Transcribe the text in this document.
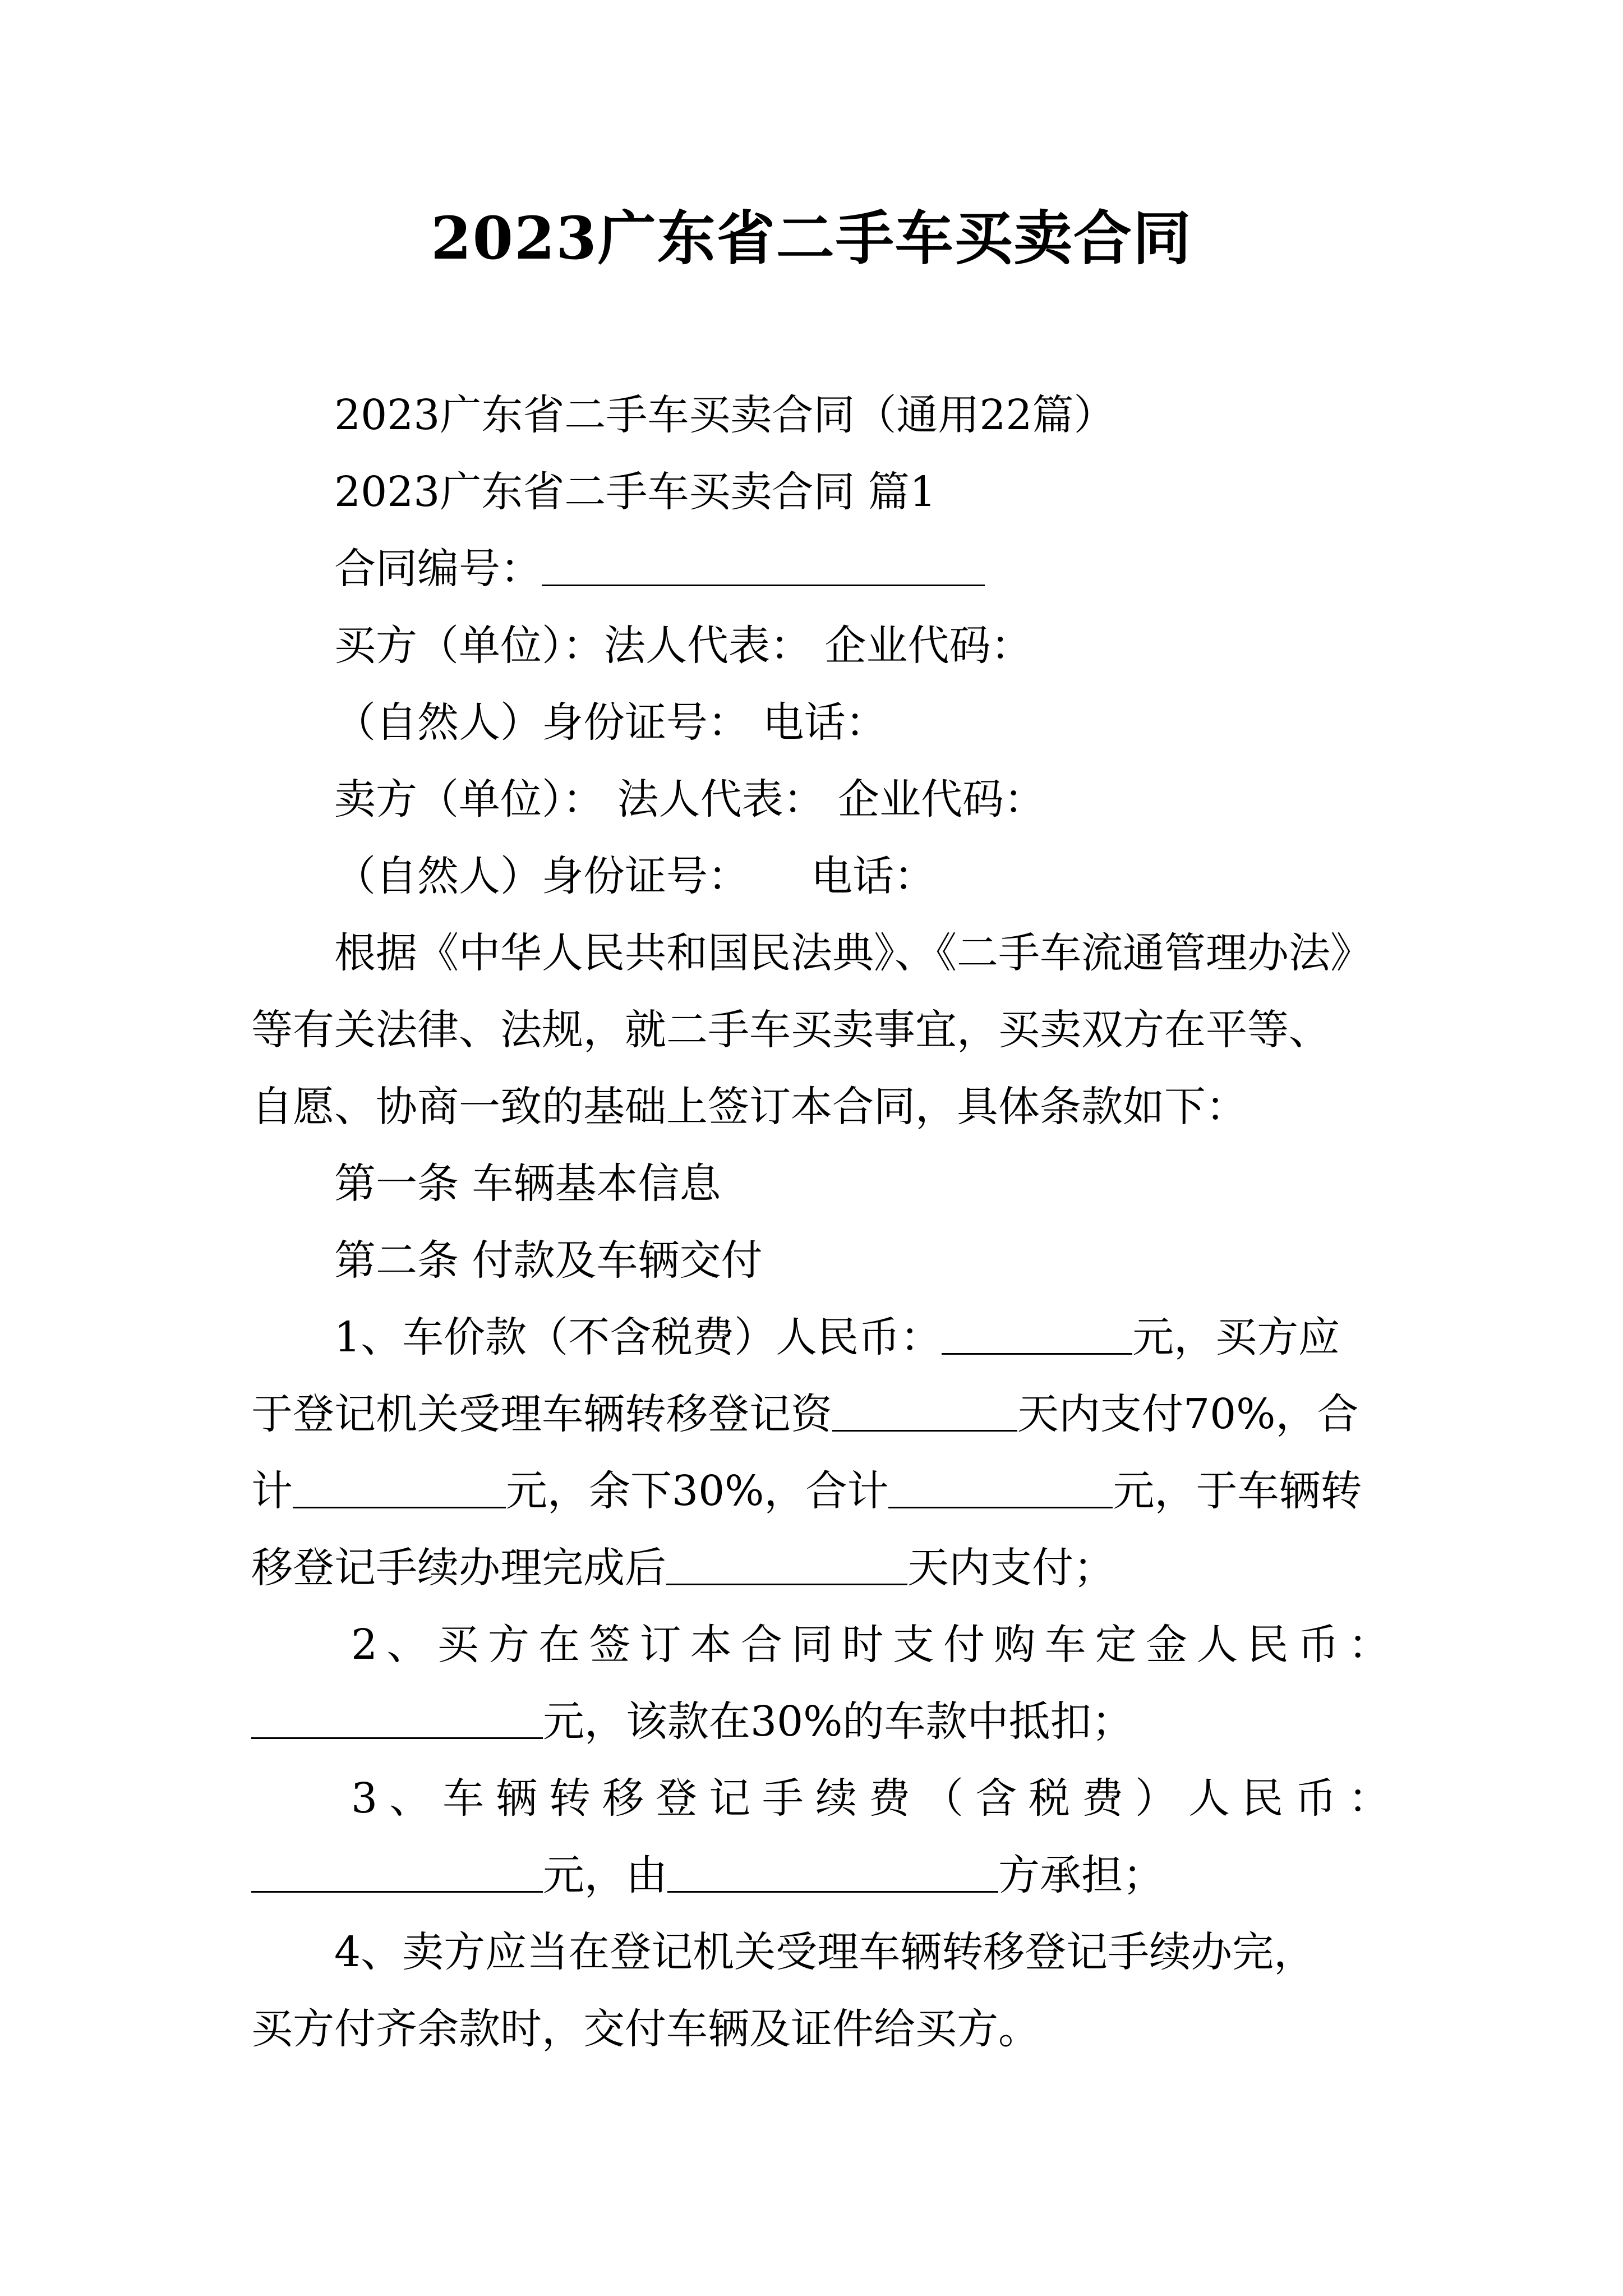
2023广东省二手车买卖合同

2023广东省二手车买卖合同（通用22篇）

2023广东省二手车买卖合同 篇1

合同编号：

买方（单位）：法人代表： 企业代码：

（自然人）身份证号： 电话：

卖方（单位）： 法人代表： 企业代码：

（自然人）身份证号： 电话：

根据《中华人民共和国民法典》、《二手车流通管理办法》

等有关法律、法规，就二手车买卖事宜，买卖双方在平等、

自愿、协商一致的基础上签订本合同，具体条款如下：

第一条 车辆基本信息

第二条 付款及车辆交付

1、车价款（不含税费）人民币：	元，买方应

于登记机关受理车辆转移登记资	天内支付70%，合

计	元，余下30%，合计	元，于车辆转

移登记手续办理完成后	天内支付；

2、买方在签订本合同时支付购车定金人民币：

元，该款在30%的车款中抵扣；

3、车辆转移登记手续费（含税费）人民币：

元，由	方承担；

4、卖方应当在登记机关受理车辆转移登记手续办完，

买方付齐余款时，交付车辆及证件给买方。
